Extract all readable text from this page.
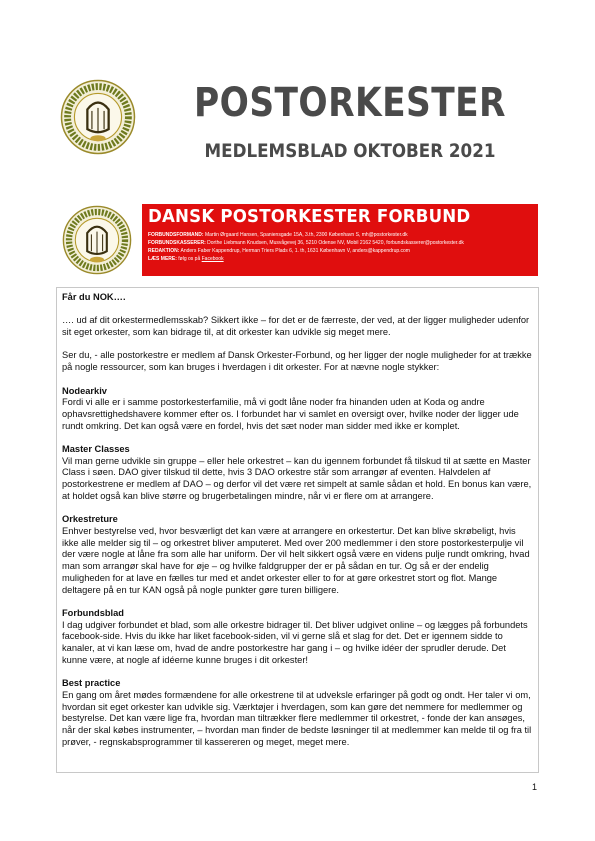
POSTORKESTER
MEDLEMSBLAD OKTOBER 2021
DANSK POSTORKESTER FORBUND
FORBUNDSFORMAND: Martin Ørgaard Hansen, Spaniensgade 15A, 3.th, 2300 København S, mh@postorkester.dk
FORBUNDSKASSERER: Dorthe Liebmann Knudsen, Musvågevej 36, 5210 Odense NV, Mobil 2162 5420, forbundskasserer@postorkester.dk
REDAKTION: Anders Faber Kappendrup, Herman Triers Plads 6, 1. th, 1631 København V, anders@kappendrup.com
LÆS MERE: følg os på Facebook
Får du NOK….

…. ud af dit orkestermedlemsskab? Sikkert ikke – for det er de færreste, der ved, at der ligger muligheder udenfor sit eget orkester, som kan bidrage til, at dit orkester kan udvikle sig meget mere.

Ser du, - alle postorkestre er medlem af Dansk Orkester-Forbund, og her ligger der nogle muligheder for at trække på nogle ressourcer, som kan bruges i hverdagen i dit orkester. For at nævne nogle stykker:

Nodearkiv

Fordi vi alle er i samme postorkesterfamilie, må vi godt låne noder fra hinanden uden at Koda og andre ophavsrettighedshavere kommer efter os. I forbundet har vi samlet en oversigt over, hvilke noder der ligger ude rundt omkring. Det kan også være en fordel, hvis det sæt noder man sidder med ikke er komplet.

Master Classes

Vil man gerne udvikle sin gruppe – eller hele orkestret – kan du igennem forbundet få tilskud til at sætte en Master Class i søen. DAO giver tilskud til dette, hvis 3 DAO orkestre står som arrangør af eventen. Halvdelen af postorkestrene er medlem af DAO – og derfor vil det være ret simpelt at samle sådan et hold. En bonus kan være, at holdet også kan blive større og brugerbetalingen mindre, når vi er flere om at arrangere.

Orkestreture

Enhver bestyrelse ved, hvor besværligt det kan være at arrangere en orkestertur. Det kan blive skrøbeligt, hvis ikke alle melder sig til – og orkestret bliver amputeret. Med over 200 medlemmer i den store postorkesterpulje vil der være nogle at låne fra som alle har uniform. Der vil helt sikkert også være en videns pulje rundt omkring, hvad man som arrangør skal have for øje – og hvilke faldgrupper der er på sådan en tur. Og så er der endelig muligheden for at lave en fælles tur med et andet orkester eller to for at gøre orkestret stort og flot. Mange deltagere på en tur KAN også på nogle punkter gøre turen billigere.

Forbundsblad

I dag udgiver forbundet et blad, som alle orkestre bidrager til. Det bliver udgivet online – og lægges på forbundets facebook-side. Hvis du ikke har liket facebook-siden, vil vi gerne slå et slag for det. Det er igennem sidde to kanaler, at vi kan læse om, hvad de andre postorkestre har gang i – og hvilke idéer der sprudler derude. Det kunne være, at nogle af idéerne kunne bruges i dit orkester!

Best practice

En gang om året mødes formændene for alle orkestrene til at udveksle erfaringer på godt og ondt. Her taler vi om, hvordan sit eget orkester kan udvikle sig. Værktøjer i hverdagen, som kan gøre det nemmere for medlemmer og bestyrelse. Det kan være lige fra, hvordan man tiltrækker flere medlemmer til orkestret, - fonde der kan ansøges, når der skal købes instrumenter, – hvordan man finder de bedste løsninger til at medlemmer kan melde til og fra til prøver, - regnskabsprogrammer til kassereren og meget, meget mere.

1
